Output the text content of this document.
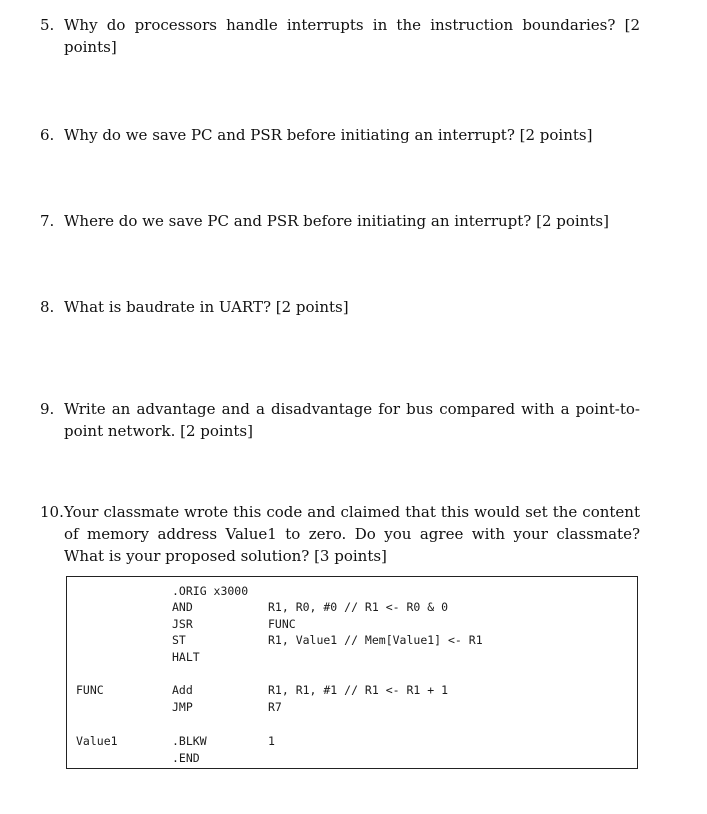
5. Why do processors handle interrupts in the instruction boundaries? [2 points]
6. Why do we save PC and PSR before initiating an interrupt? [2 points]
7. Where do we save PC and PSR before initiating an interrupt? [2 points]
8. What is baudrate in UART? [2 points]
9. Write an advantage and a disadvantage for bus compared with a point-to-point network. [2 points]
10. Your classmate wrote this code and claimed that this would set the content of memory address Value1 to zero. Do you agree with your classmate? What is your proposed solution? [3 points]
.ORIG x3000
AND	R1, R0, #0 // R1 <- R0 & 0
JSR	FUNC
ST	R1, Value1 // Mem[Value1] <- R1
HALT
FUNC	Add	R1, R1, #1 // R1 <- R1 + 1
JMP	R7
Value1	.BLKW	1
.END
